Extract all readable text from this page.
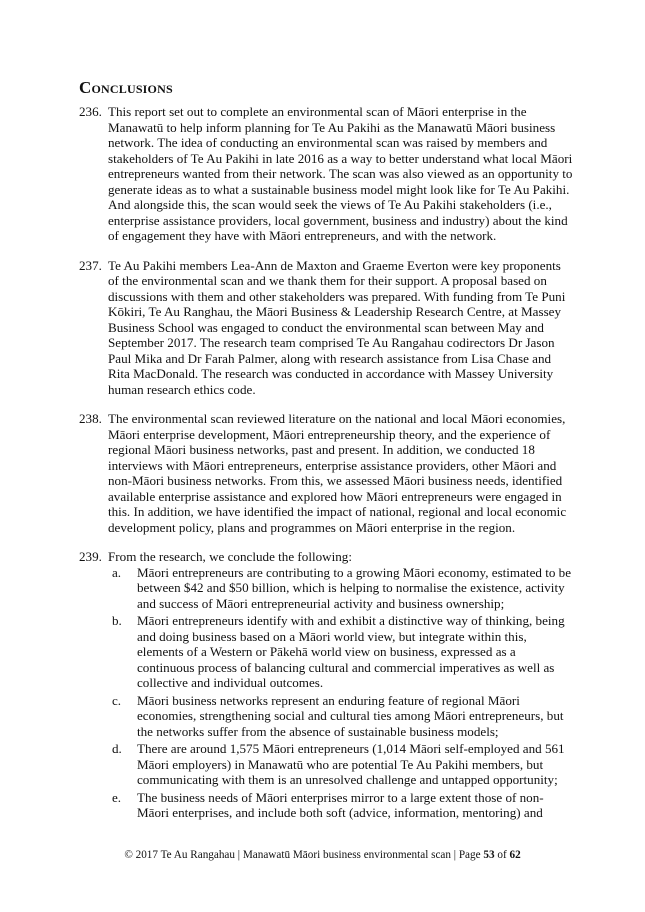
Conclusions
236. This report set out to complete an environmental scan of Māori enterprise in the Manawatū to help inform planning for Te Au Pakihi as the Manawatū Māori business network. The idea of conducting an environmental scan was raised by members and stakeholders of Te Au Pakihi in late 2016 as a way to better understand what local Māori entrepreneurs wanted from their network. The scan was also viewed as an opportunity to generate ideas as to what a sustainable business model might look like for Te Au Pakihi. And alongside this, the scan would seek the views of Te Au Pakihi stakeholders (i.e., enterprise assistance providers, local government, business and industry) about the kind of engagement they have with Māori entrepreneurs, and with the network.
237. Te Au Pakihi members Lea-Ann de Maxton and Graeme Everton were key proponents of the environmental scan and we thank them for their support. A proposal based on discussions with them and other stakeholders was prepared. With funding from Te Puni Kōkiri, Te Au Ranghau, the Māori Business & Leadership Research Centre, at Massey Business School was engaged to conduct the environmental scan between May and September 2017. The research team comprised Te Au Rangahau codirectors Dr Jason Paul Mika and Dr Farah Palmer, along with research assistance from Lisa Chase and Rita MacDonald. The research was conducted in accordance with Massey University human research ethics code.
238. The environmental scan reviewed literature on the national and local Māori economies, Māori enterprise development, Māori entrepreneurship theory, and the experience of regional Māori business networks, past and present. In addition, we conducted 18 interviews with Māori entrepreneurs, enterprise assistance providers, other Māori and non-Māori business networks. From this, we assessed Māori business needs, identified available enterprise assistance and explored how Māori entrepreneurs were engaged in this. In addition, we have identified the impact of national, regional and local economic development policy, plans and programmes on Māori enterprise in the region.
239. From the research, we conclude the following:
a. Māori entrepreneurs are contributing to a growing Māori economy, estimated to be between $42 and $50 billion, which is helping to normalise the existence, activity and success of Māori entrepreneurial activity and business ownership;
b. Māori entrepreneurs identify with and exhibit a distinctive way of thinking, being and doing business based on a Māori world view, but integrate within this, elements of a Western or Pākehā world view on business, expressed as a continuous process of balancing cultural and commercial imperatives as well as collective and individual outcomes.
c. Māori business networks represent an enduring feature of regional Māori economies, strengthening social and cultural ties among Māori entrepreneurs, but the networks suffer from the absence of sustainable business models;
d. There are around 1,575 Māori entrepreneurs (1,014 Māori self-employed and 561 Māori employers) in Manawatū who are potential Te Au Pakihi members, but communicating with them is an unresolved challenge and untapped opportunity;
e. The business needs of Māori enterprises mirror to a large extent those of non-Māori enterprises, and include both soft (advice, information, mentoring) and
© 2017 Te Au Rangahau | Manawatū Māori business environmental scan | Page 53 of 62
